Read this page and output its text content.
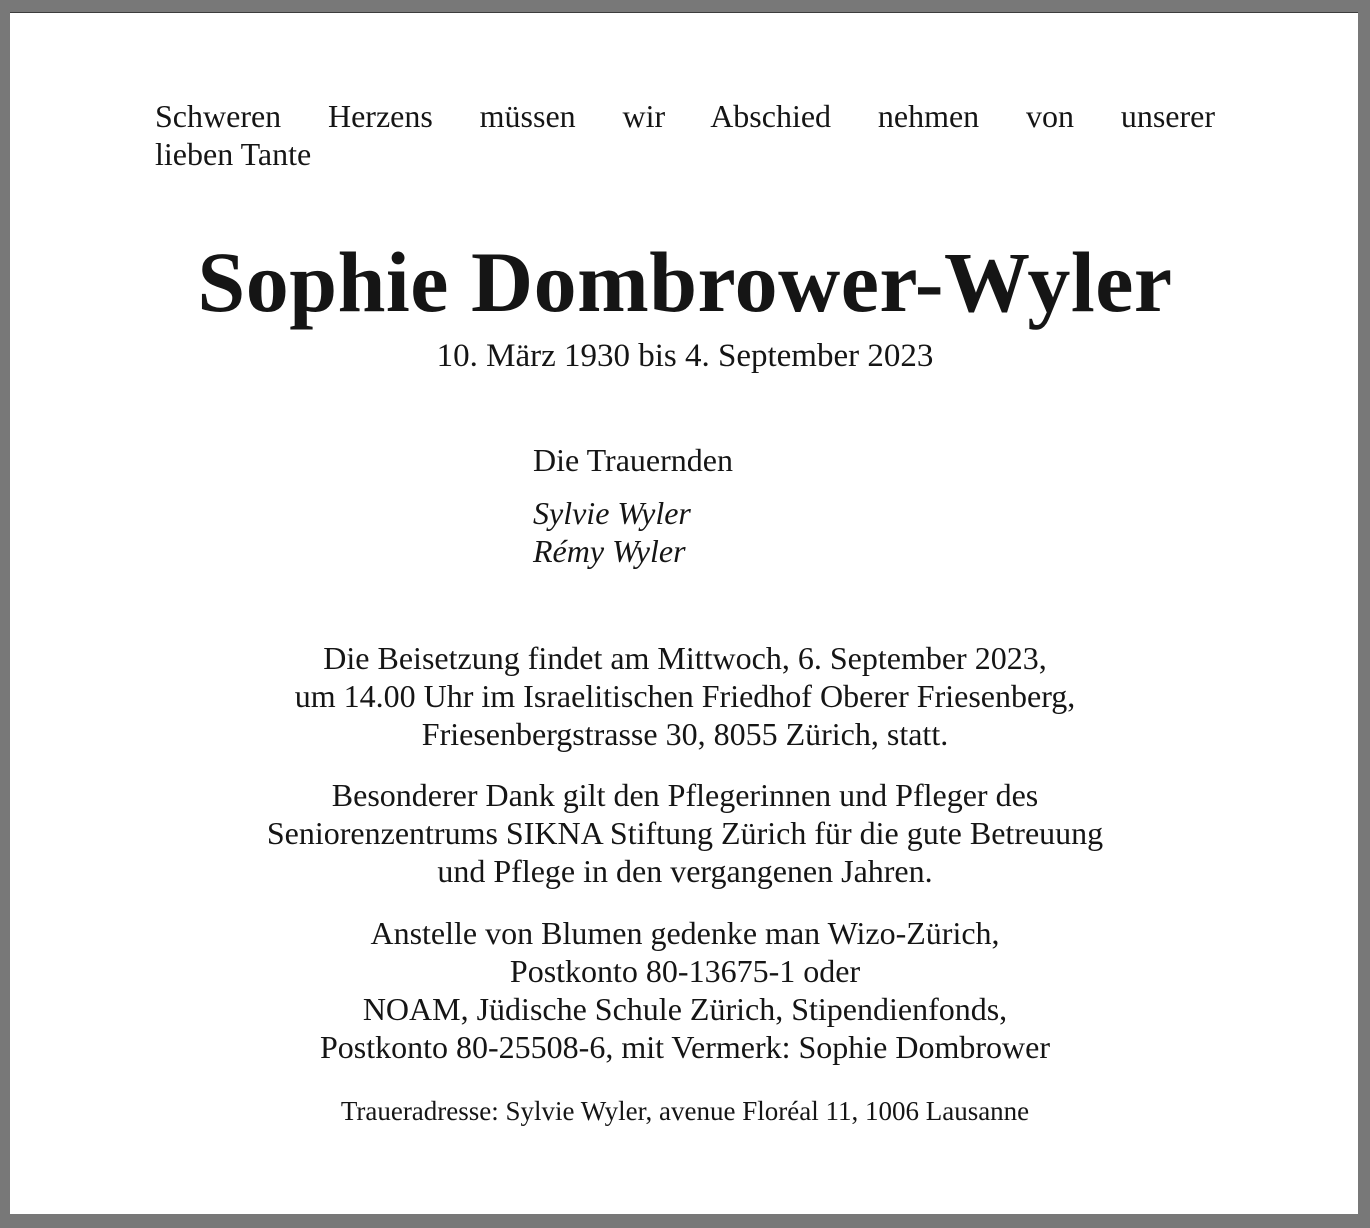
Schweren Herzens müssen wir Abschied nehmen von unserer
lieben Tante

Sophie Dombrower-Wyler

10. März 1930 bis 4. September 2023

Die Trauernden

Sylvie Wyler

Rémy Wyler

Die Beisetzung findet am Mittwoch, 6. September 2023,
um 14.00 Uhr im Israelitischen Friedhof Oberer Friesenberg,
Friesenbergstrasse 30, 8055 Zürich, statt.

Besonderer Dank gilt den Pflegerinnen und Pfleger des
Seniorenzentrums SIKNA Stiftung Zürich für die gute Betreuung
und Pflege in den vergangenen Jahren.

Anstelle von Blumen gedenke man Wizo-Zürich,
Postkonto 80-13675-1 oder
NOAM, Jüdische Schule Zürich, Stipendienfonds,
Postkonto 80-25508-6, mit Vermerk: Sophie Dombrower

Traueradresse: Sylvie Wyler, avenue Floréal 11, 1006 Lausanne
